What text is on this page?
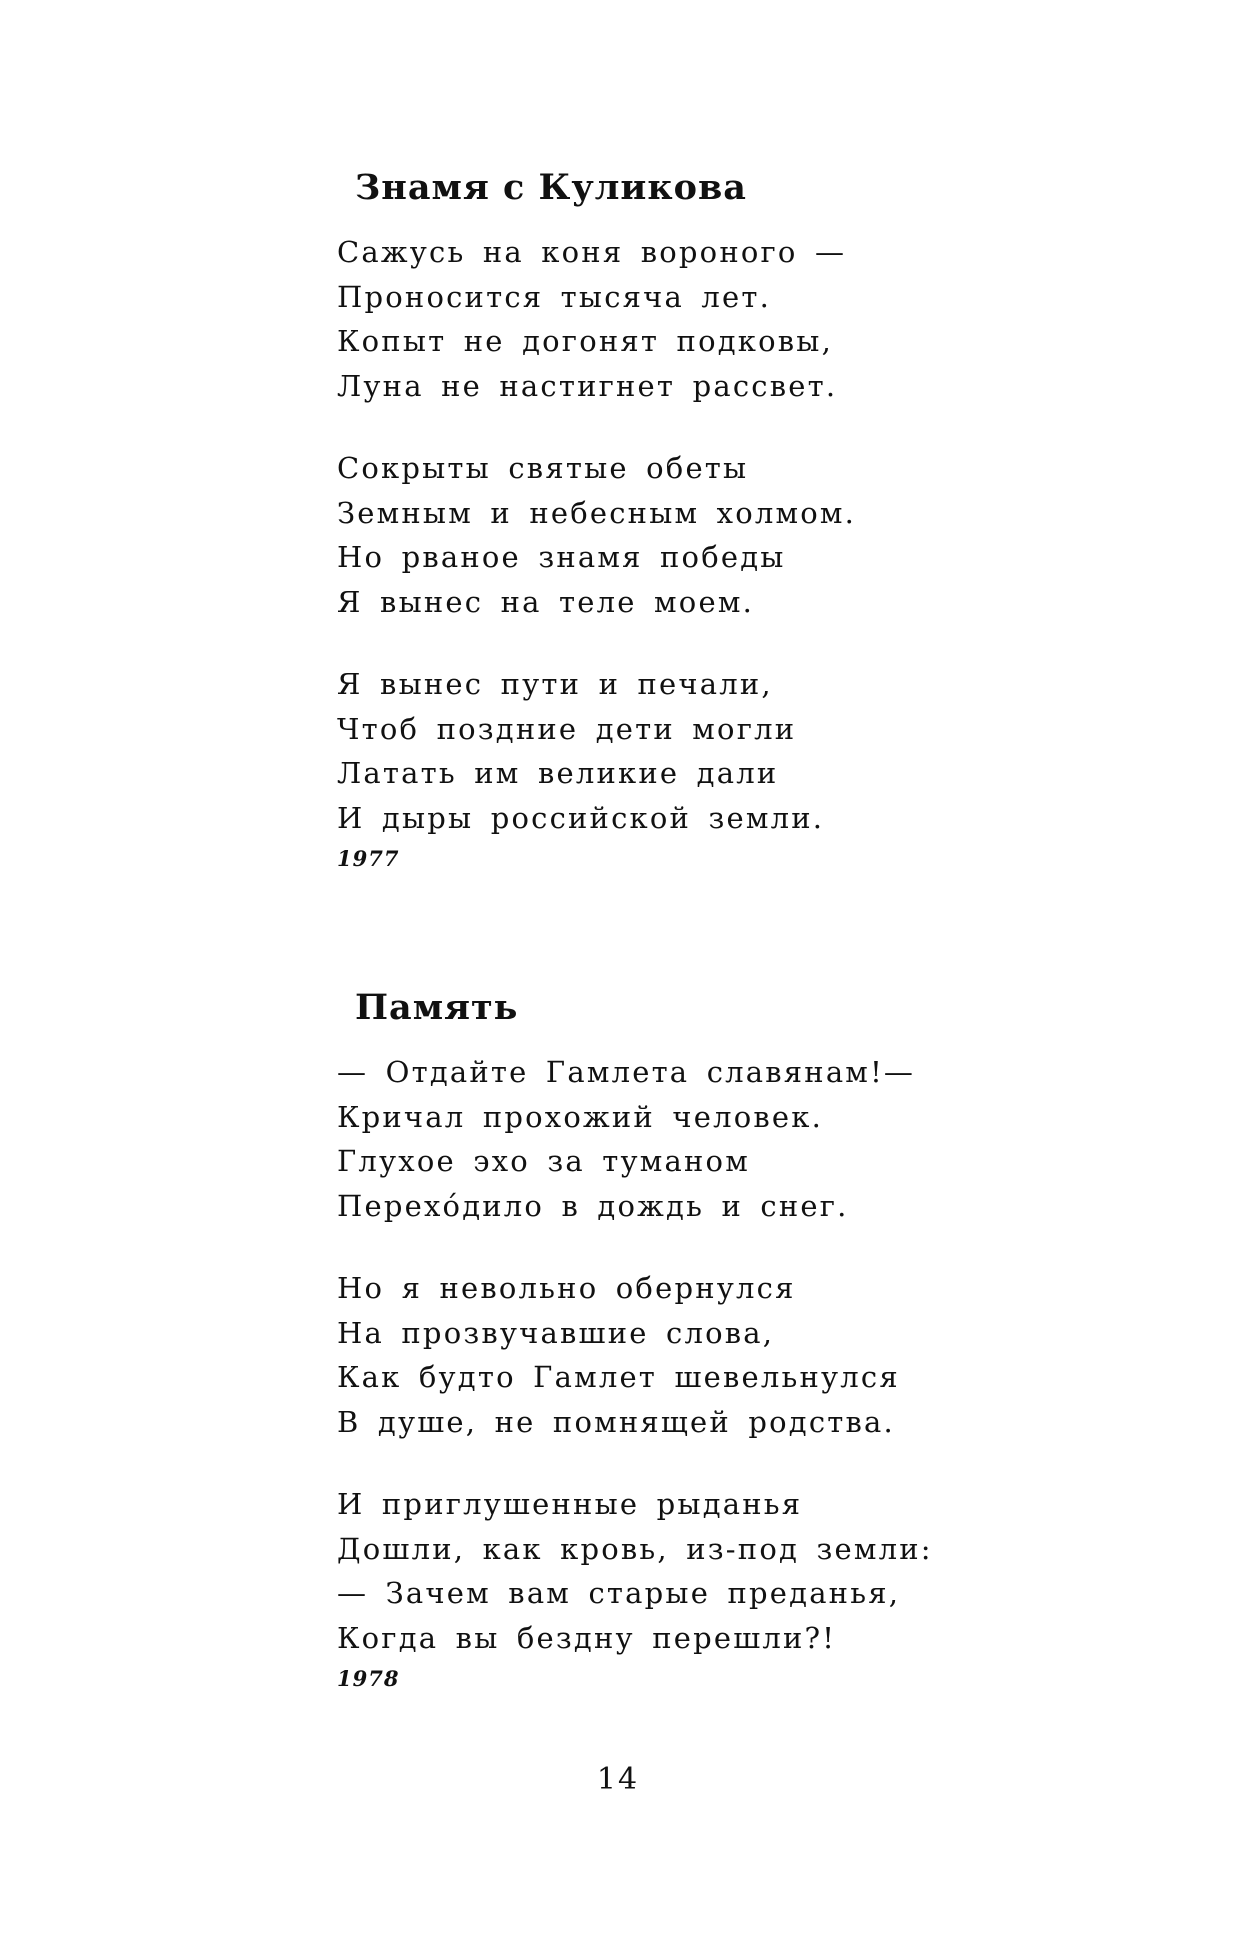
Знамя с Куликова
Сажусь на коня вороного —
Проносится тысяча лет.
Копыт не догонят подковы,
Луна не настигнет рассвет.
Сокрыты святые обеты
Земным и небесным холмом.
Но рваное знамя победы
Я вынес на теле моем.
Я вынес пути и печали,
Чтоб поздние дети могли
Латать им великие дали
И дыры российской земли.
1977
Память
— Отдайте Гамлета славянам!—
Кричал прохожий человек.
Глухое эхо за туманом
Перехо́дило в дождь и снег.
Но я невольно обернулся
На прозвучавшие слова,
Как будто Гамлет шевельнулся
В душе, не помнящей родства.
И приглушенные рыданья
Дошли, как кровь, из-под земли:
— Зачем вам старые преданья,
Когда вы бездну перешли?!
1978
14
